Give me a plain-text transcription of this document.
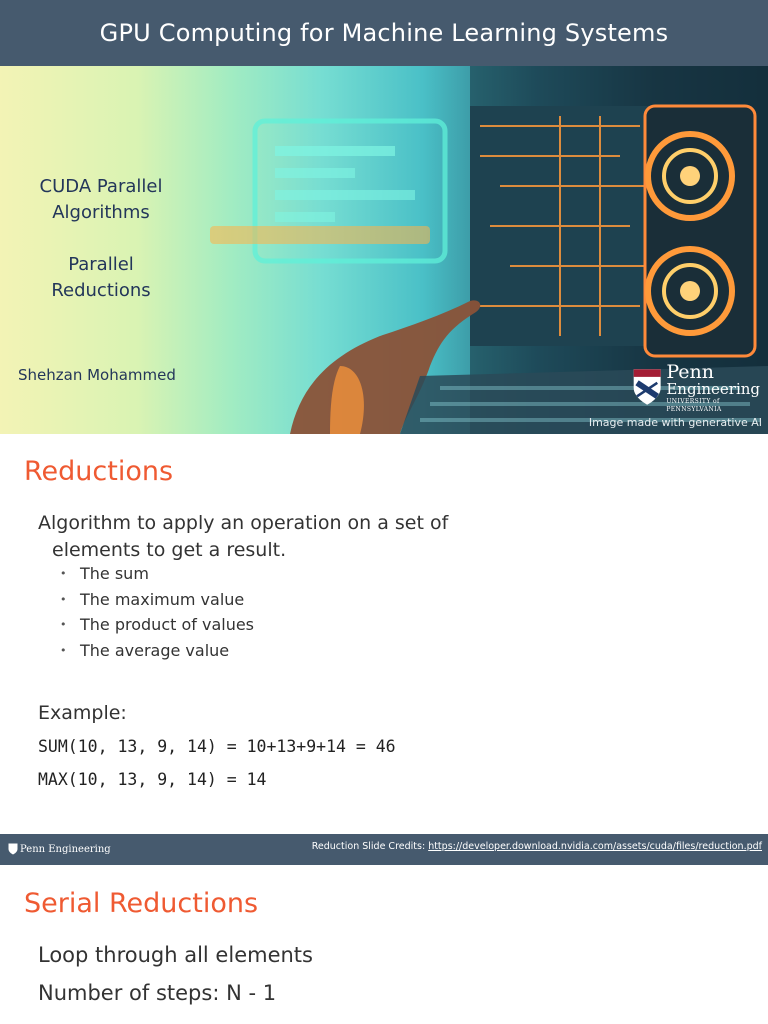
GPU Computing for Machine Learning Systems
CUDA Parallel Algorithms
Parallel Reductions
Shehzan Mohammed	Penn
Engineering
UNIVERSITY of PENNSYLVANIA
Image made with generative AI
Reductions
Algorithm to apply an operation on a set of
elements to get a result.
• The sum
• The maximum value
• The product of values
• The average value
Example:
SUM(10, 13, 9, 14) = 10+13+9+14 = 46
MAX(10, 13, 9, 14) = 14
Penn Engineering	Reduction Slide Credits: https://developer.download.nvidia.com/assets/cuda/files/reduction.pdf
Serial Reductions
Loop through all elements
Number of steps: N - 1
